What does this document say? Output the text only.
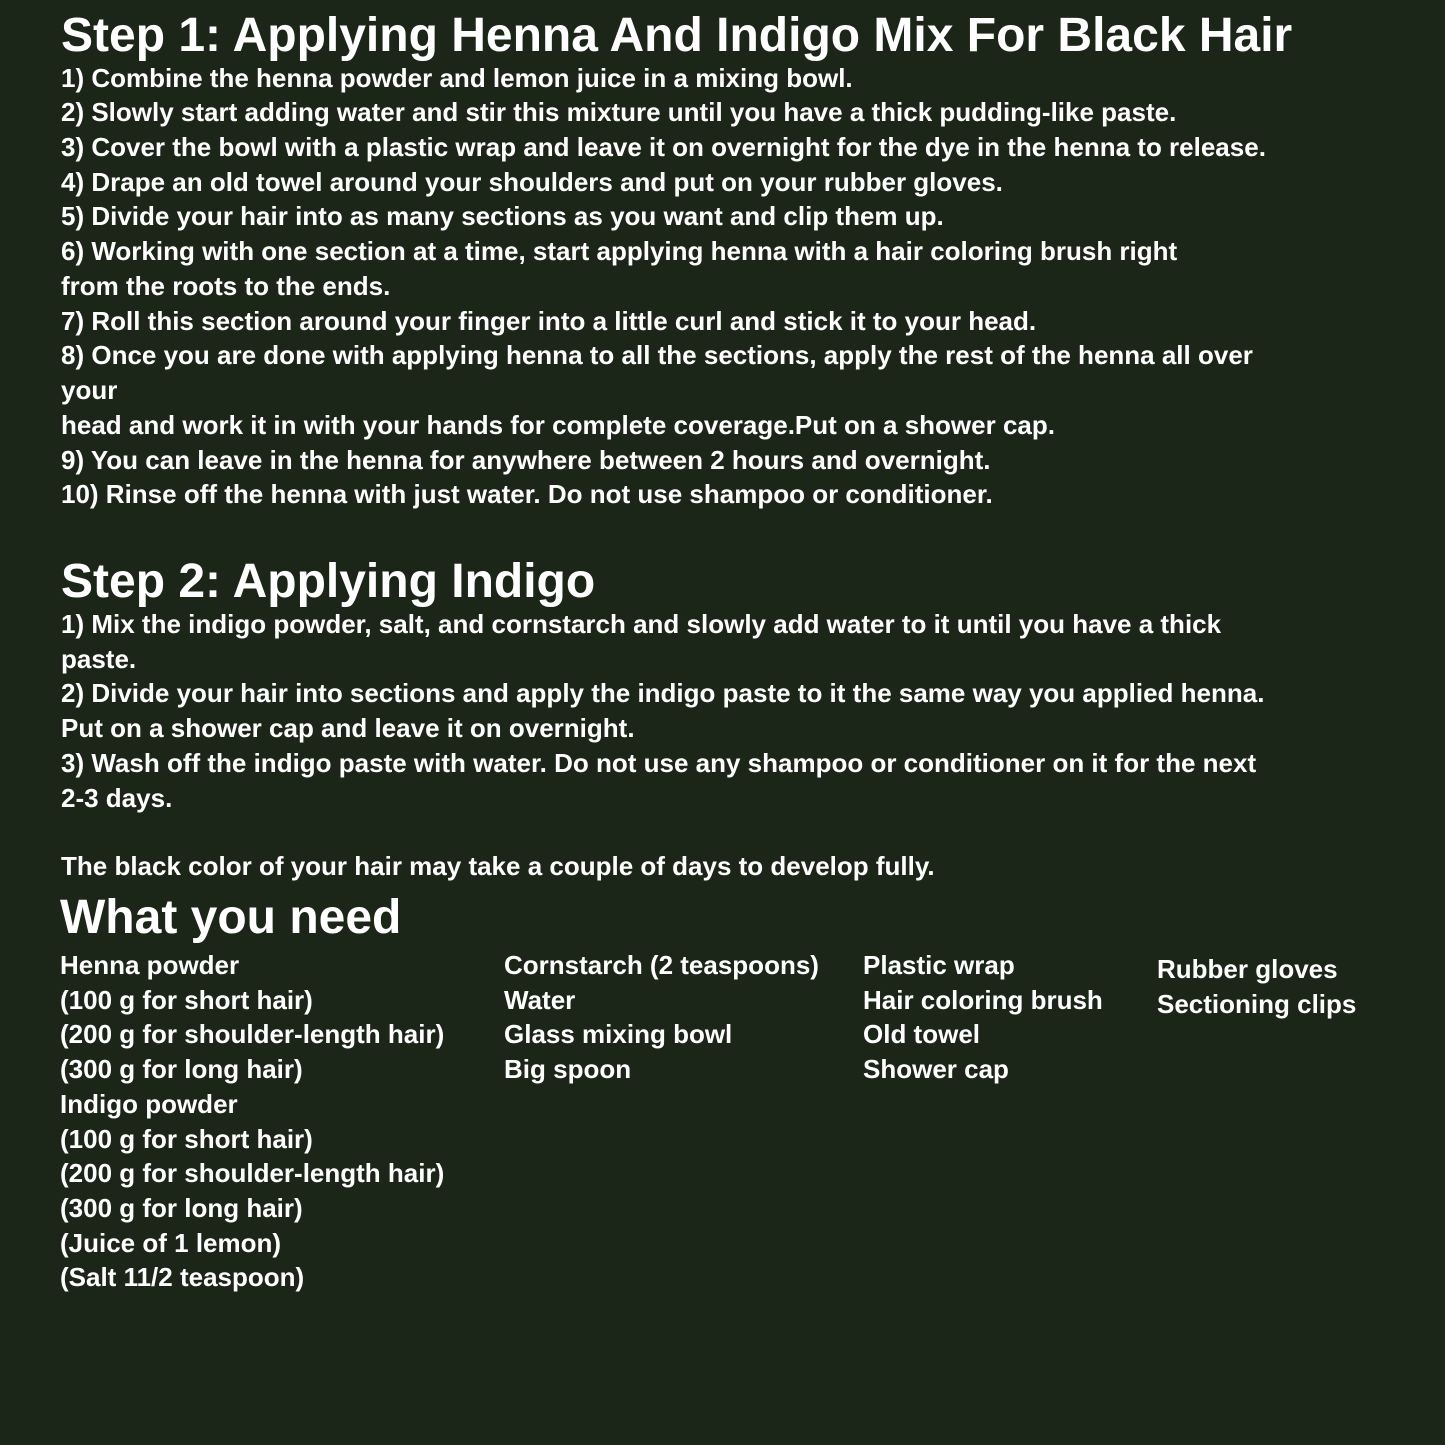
Step 1: Applying Henna And Indigo Mix For Black Hair

1) Combine the henna powder and lemon juice in a mixing bowl.

2) Slowly start adding water and stir this mixture until you have a thick pudding-like paste.

3) Cover the bowl with a plastic wrap and leave it on overnight for the dye in the henna to release.

4) Drape an old towel around your shoulders and put on your rubber gloves.

5) Divide your hair into as many sections as you want and clip them up.

6) Working with one section at a time, start applying henna with a hair coloring brush right

from the roots to the ends.

7) Roll this section around your finger into a little curl and stick it to your head.

8) Once you are done with applying henna to all the sections, apply the rest of the henna all over

your

head and work it in with your hands for complete coverage.Put on a shower cap.

9) You can leave in the henna for anywhere between 2 hours and overnight.

10) Rinse off the henna with just water. Do not use shampoo or conditioner.

Step 2: Applying Indigo

1) Mix the indigo powder, salt, and cornstarch and slowly add water to it until you have a thick

paste.

2) Divide your hair into sections and apply the indigo paste to it the same way you applied henna.

Put on a shower cap and leave it on overnight.

3) Wash off the indigo paste with water. Do not use any shampoo or conditioner on it for the next

2-3 days.

The black color of your hair may take a couple of days to develop fully.

What you need
Henna powder
(100 g for short hair)
(200 g for shoulder-length hair)
(300 g for long hair)
Indigo powder
(100 g for short hair)
(200 g for shoulder-length hair)
(300 g for long hair)
(Juice of 1 lemon)
(Salt 11/2 teaspoon)
Cornstarch (2 teaspoons)
Water
Glass mixing bowl
Big spoon
Plastic wrap
Hair coloring brush
Old towel
Shower cap
Rubber gloves
Sectioning clips
